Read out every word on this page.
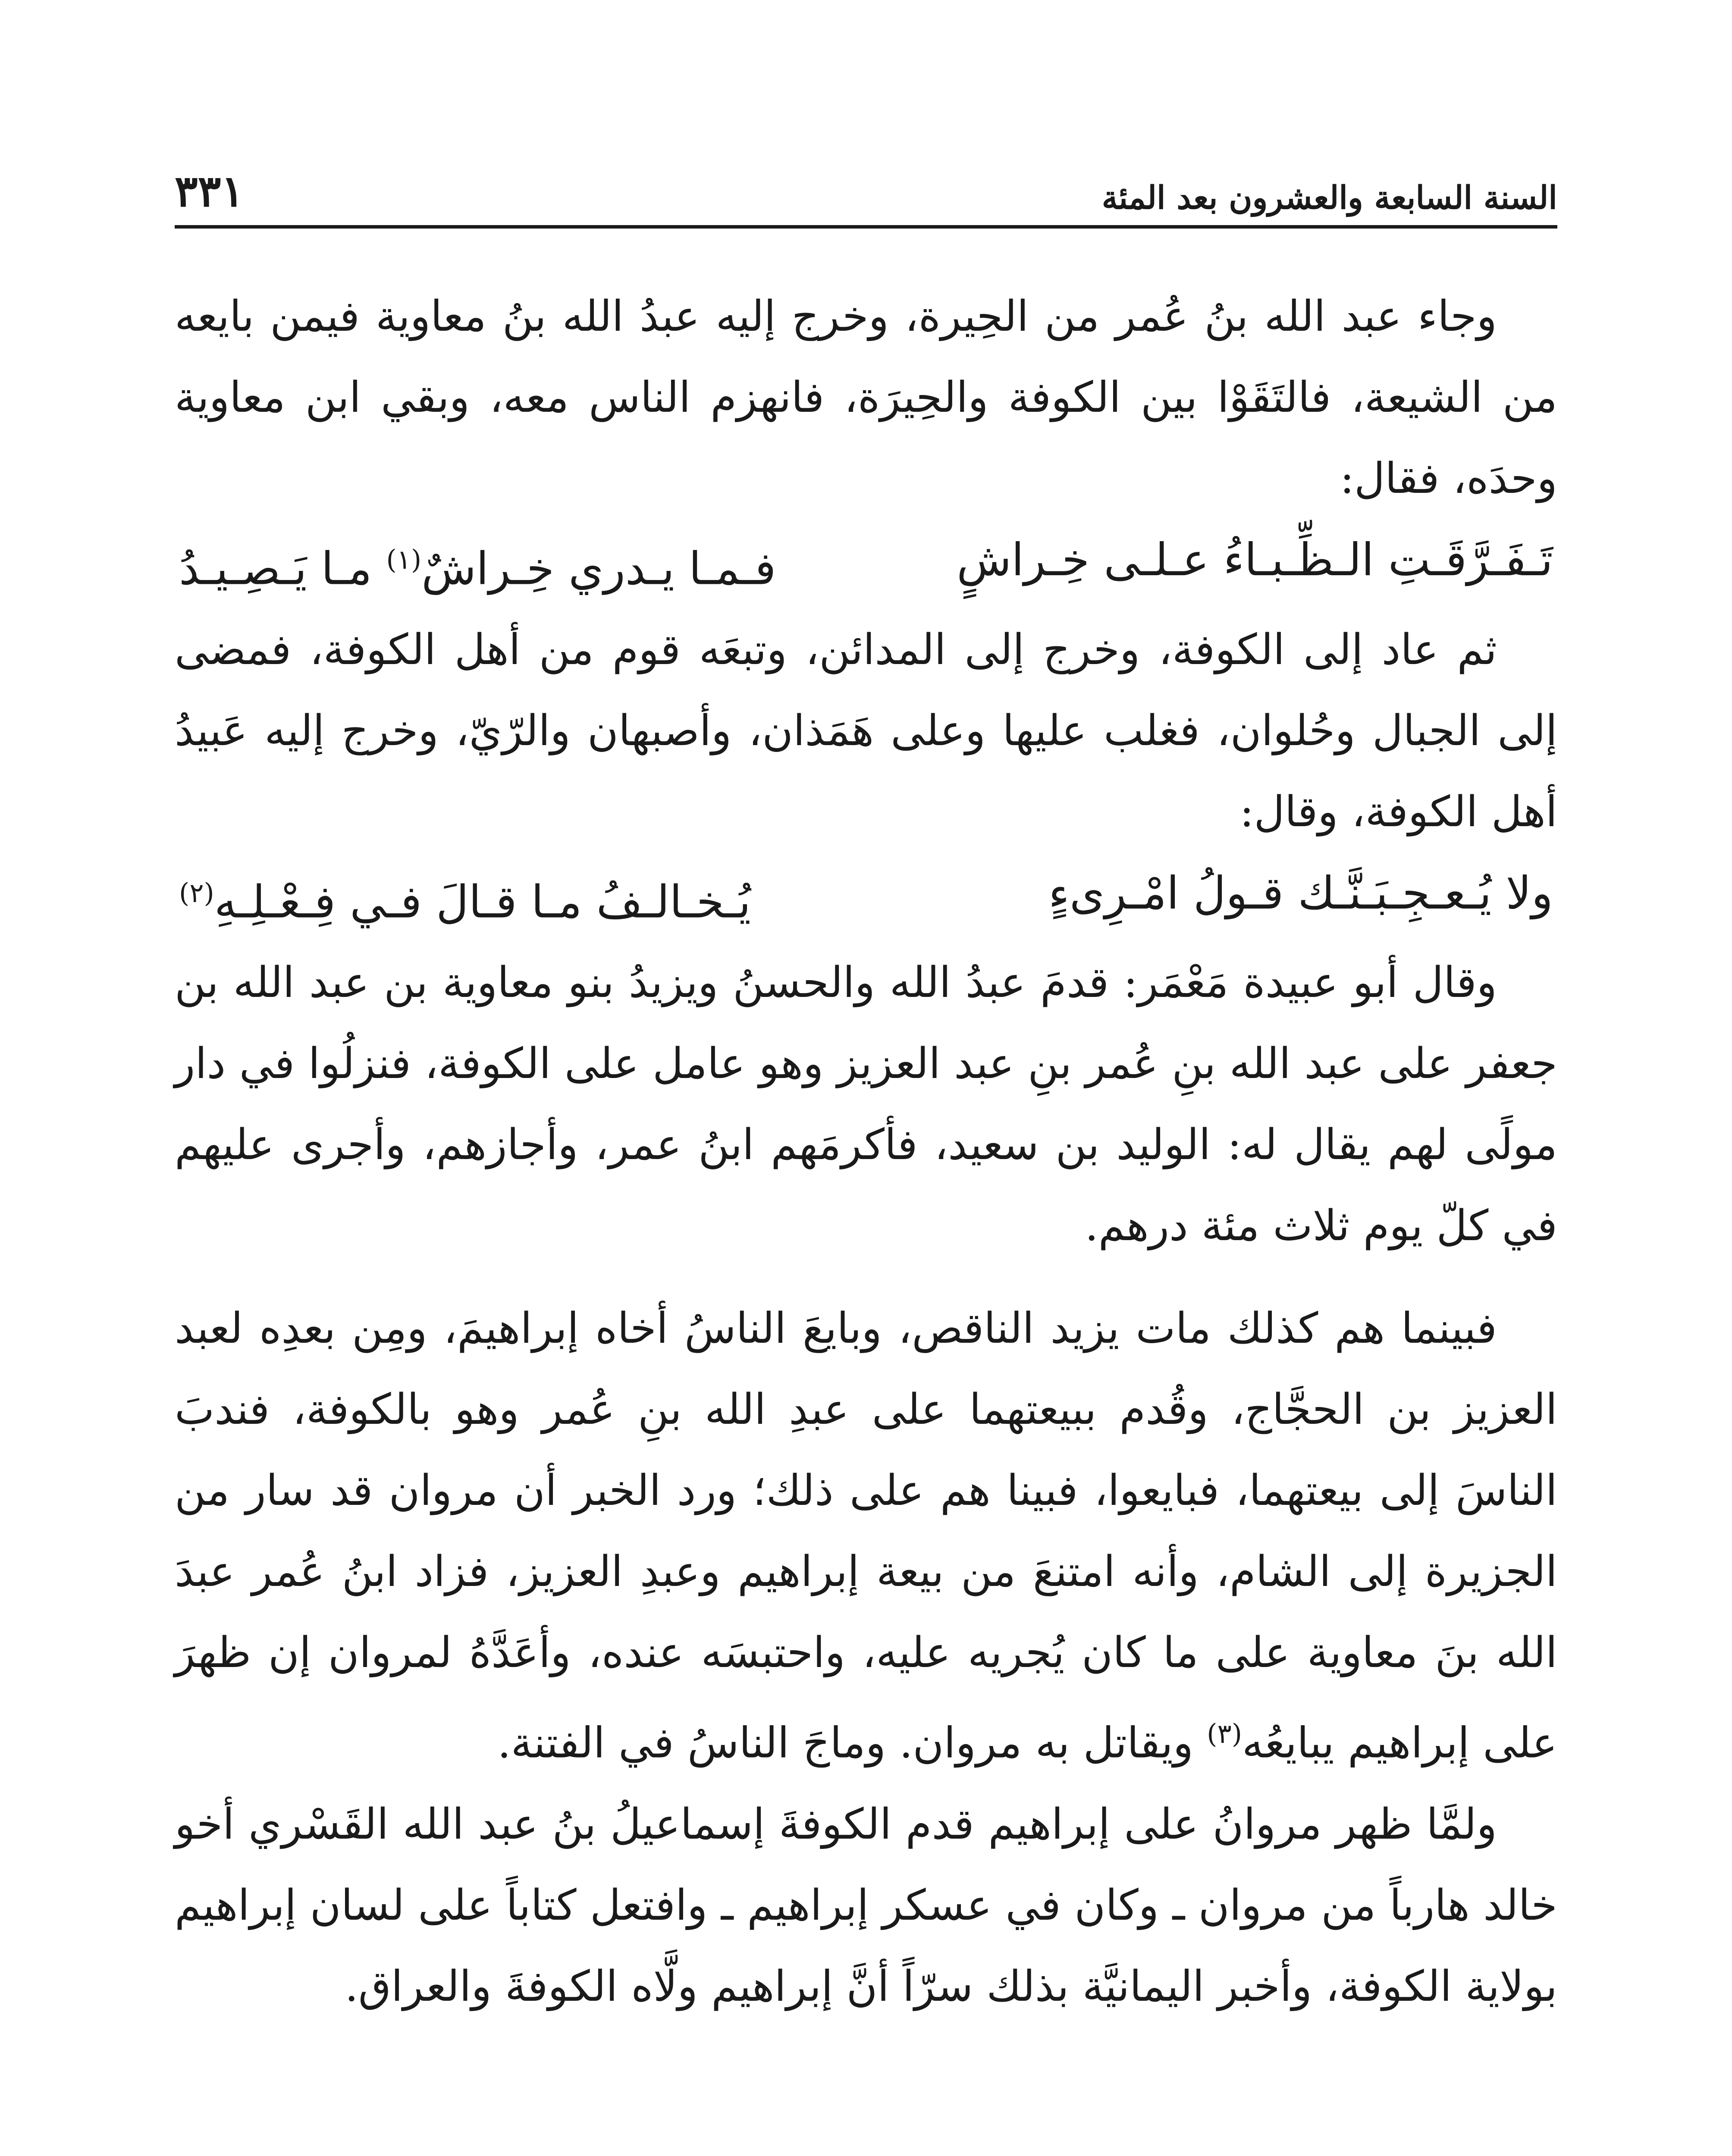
السنة السابعة والعشرون بعد المئة
٣٣١

وجاء عبد الله بنُ عُمر من الحِيرة، وخرج إليه عبدُ الله بنُ معاوية فيمن بايعه من الشيعة، فالتَقَوْا بين الكوفة والحِيرَة، فانهزم الناس معه، وبقي ابن معاوية وحدَه، فقال:

تَـفَـرَّقَـتِ الـظِّـبـاءُ عـلـى خِـراشٍ
فـمـا يـدري خِـراشٌ$^{(١)}$ مـا يَـصِـيـدُ

ثم عاد إلى الكوفة، وخرج إلى المدائن، وتبعَه قوم من أهل الكوفة، فمضى إلى الجبال وحُلوان، فغلب عليها وعلى هَمَذان، وأصبهان والرّيّ، وخرج إليه عَبيدُ أهل الكوفة، وقال:

ولا يُـعـجِـبَـنَّـك قـولُ امْـرِىءٍ
يُـخـالـفُ مـا قـالَ فـي فِـعْـلِـهِ$^{(٢)}$

وقال أبو عبيدة مَعْمَر: قدمَ عبدُ الله والحسنُ ويزيدُ بنو معاوية بن عبد الله بن جعفر على عبد الله بنِ عُمر بنِ عبد العزيز وهو عامل على الكوفة، فنزلُوا في دار مولًى لهم يقال له: الوليد بن سعيد، فأكرمَهم ابنُ عمر، وأجازهم، وأجرى عليهم في كلّ يوم ثلاث مئة درهم.

فبينما هم كذلك مات يزيد الناقص، وبايعَ الناسُ أخاه إبراهيمَ، ومِن بعدِه لعبد العزيز بن الحجَّاج، وقُدم ببيعتهما على عبدِ الله بنِ عُمر وهو بالكوفة، فندبَ الناسَ إلى بيعتهما، فبايعوا، فبينا هم على ذلك؛ ورد الخبر أن مروان قد سار من الجزيرة إلى الشام، وأنه امتنعَ من بيعة إبراهيم وعبدِ العزيز، فزاد ابنُ عُمر عبدَ الله بنَ معاوية على ما كان يُجريه عليه، واحتبسَه عنده، وأعَدَّهُ لمروان إن ظهرَ على إبراهيم يبايعُه$^{(٣)}$ ويقاتل به مروان. وماجَ الناسُ في الفتنة.

ولمَّا ظهر مروانُ على إبراهيم قدم الكوفةَ إسماعيلُ بنُ عبد الله القَسْري أخو خالد هارباً من مروان ـ وكان في عسكر إبراهيم ـ وافتعل كتاباً على لسان إبراهيم بولاية الكوفة، وأخبر اليمانيَّة بذلك سرّاً أنَّ إبراهيم ولَّاه الكوفةَ والعراق.
